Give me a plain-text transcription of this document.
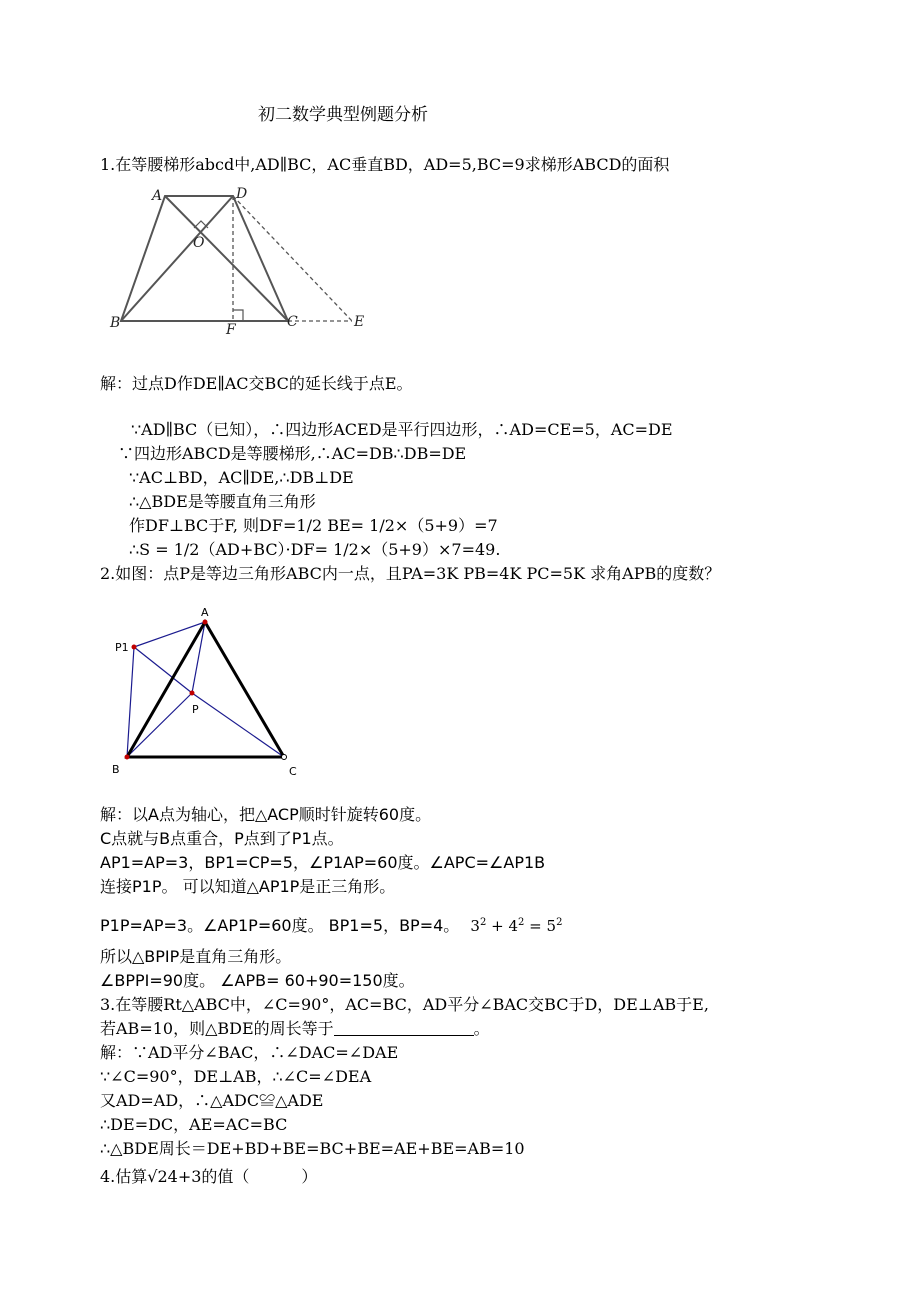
初二数学典型例题分析
1.在等腰梯形abcd中,AD∥BC，AC垂直BD，AD=5,BC=9求梯形ABCD的面积
A	D
O
B	F	C	E
解：过点D作DE∥AC交BC的延长线于点E。
∵AD∥BC（已知），∴四边形ACED是平行四边形，∴AD=CE=5，AC=DE
∵四边形ABCD是等腰梯形,∴AC=DB∴DB=DE
∵AC⊥BD，AC∥DE,∴DB⊥DE
∴△BDE是等腰直角三角形
作DF⊥BC于F, 则DF=1/2 BE= 1/2×（5+9）=7
∴S = 1/2（AD+BC）·DF= 1/2×（5+9）×7=49.
2.如图：点P是等边三角形ABC内一点，且PA=3K PB=4K PC=5K 求角APB的度数？
A
P1
P
B	C
解：以A点为轴心，把△ACP顺时针旋转60度。
C点就与B点重合，P点到了P1点。
AP1=AP=3，BP1=CP=5，∠P1AP=60度。∠APC=∠AP1B
连接P1P。 可以知道△AP1P是正三角形。
P1P=AP=3。∠AP1P=60度。 BP1=5，BP=4。 $3^2 + 4^2 = 5^2$
所以△BPIP是直角三角形。
∠BPPI=90度。 ∠APB= 60+90=150度。
3.在等腰Rt△ABC中，∠C=90°，AC=BC，AD平分∠BAC交BC于D，DE⊥AB于E,
若AB=10，则△BDE的周长等于	。
解：∵AD平分∠BAC，∴∠DAC=∠DAE
∵∠C=90°，DE⊥AB，∴∠C=∠DEA
又AD=AD，∴△ADC≌△ADE
∴DE=DC，AE=AC=BC
∴△BDE周长＝DE+BD+BE=BC+BE=AE+BE=AB=10
4.估算√24+3的值（	）
